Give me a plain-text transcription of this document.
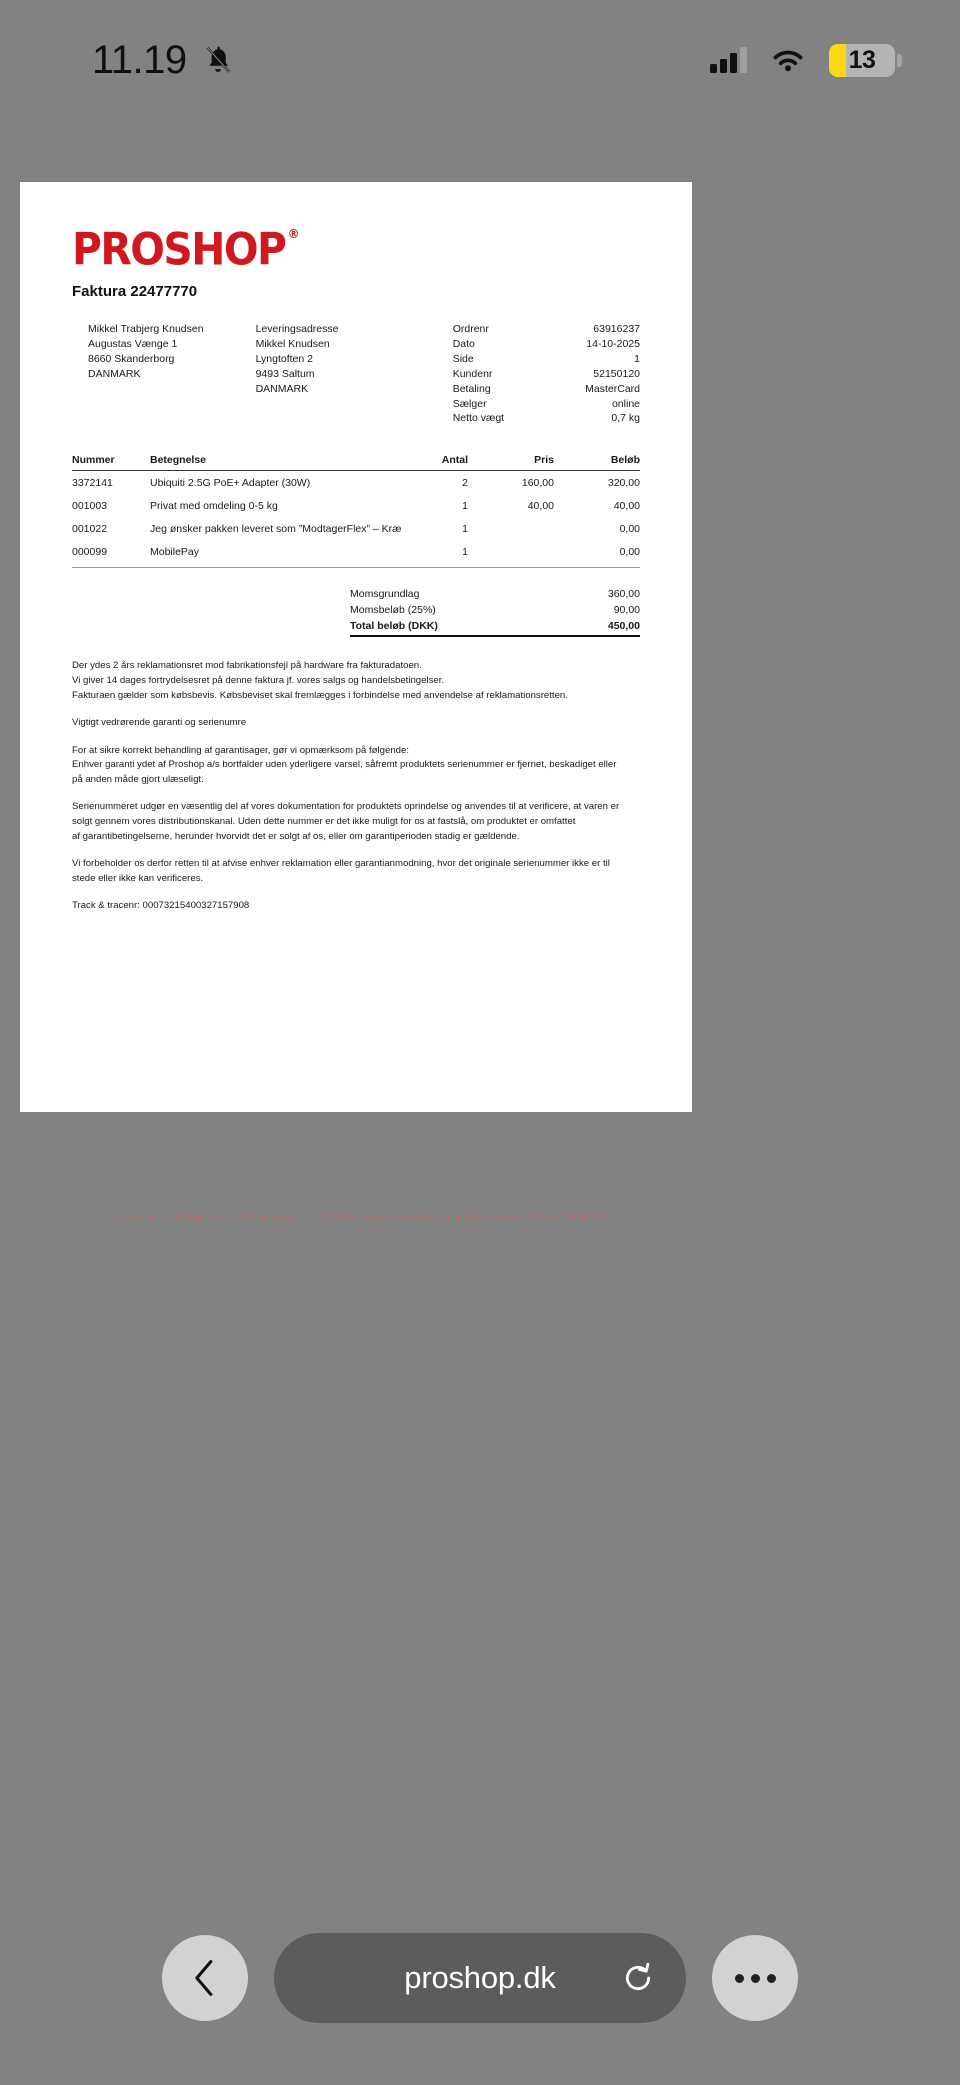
11.19	13
PROSHOP ®
Faktura 22477770
Mikkel Trabjerg Knudsen
Augustas Vænge 1
8660 Skanderborg
DANMARK
Leveringsadresse
Mikkel Knudsen
Lyngtoften 2
9493 Saltum
DANMARK
Ordrenr	63916237
Dato	14-10-2025
Side	1
Kundenr	52150120
Betaling	MasterCard
Sælger	online
Netto vægt	0,7 kg
Nummer	Betegnelse	Antal	Pris	Beløb
3372141	Ubiquiti 2.5G PoE+ Adapter (30W)	2	160,00	320,00
001003	Privat med omdeling 0-5 kg	1	40,00	40,00
001022	Jeg ønsker pakken leveret som ”ModtagerFlex” – Kræ	1		0,00
000099	MobilePay	1		0,00
Momsgrundlag	360,00
Momsbeløb (25%)	90,00
Total beløb (DKK)	450,00

Der ydes 2 års reklamationsret mod fabrikationsfejl på hardware fra fakturadatoen.
Vi giver 14 dages fortrydelsesret på denne faktura jf. vores salgs og handelsbetingelser.
Fakturaen gælder som købsbevis. Købsbeviset skal fremlægges i forbindelse med anvendelse af reklamationsretten.

Vigtigt vedrørende garanti og serienumre

For at sikre korrekt behandling af garantisager, gør vi opmærksom på følgende:
Enhver garanti ydet af Proshop a/s bortfalder uden yderligere varsel, såfremt produktets serienummer er fjernet, beskadiget eller
på anden måde gjort ulæseligt.

Serienummeret udgør en væsentlig del af vores dokumentation for produktets oprindelse og anvendes til at verificere, at varen er
solgt gennem vores distributionskanal. Uden dette nummer er det ikke muligt for os at fastslå, om produktet er omfattet
af garantibetingelserne, herunder hvorvidt det er solgt af os, eller om garantiperioden stadig er gældende.

Vi forbeholder os derfor retten til at afvise enhver reklamation eller garantianmodning, hvor det originale serienummer ikke er til
stede eller ikke kan verificeres.

Track & tracenr: 00073215400327157908

Proshop a/s - Slet Møllevej 17 - 8270 Højbjerg - Tlf. 70205080 - www.proshop.dk - support@proshop.dk - CVR nr. 18966239
proshop.dk
